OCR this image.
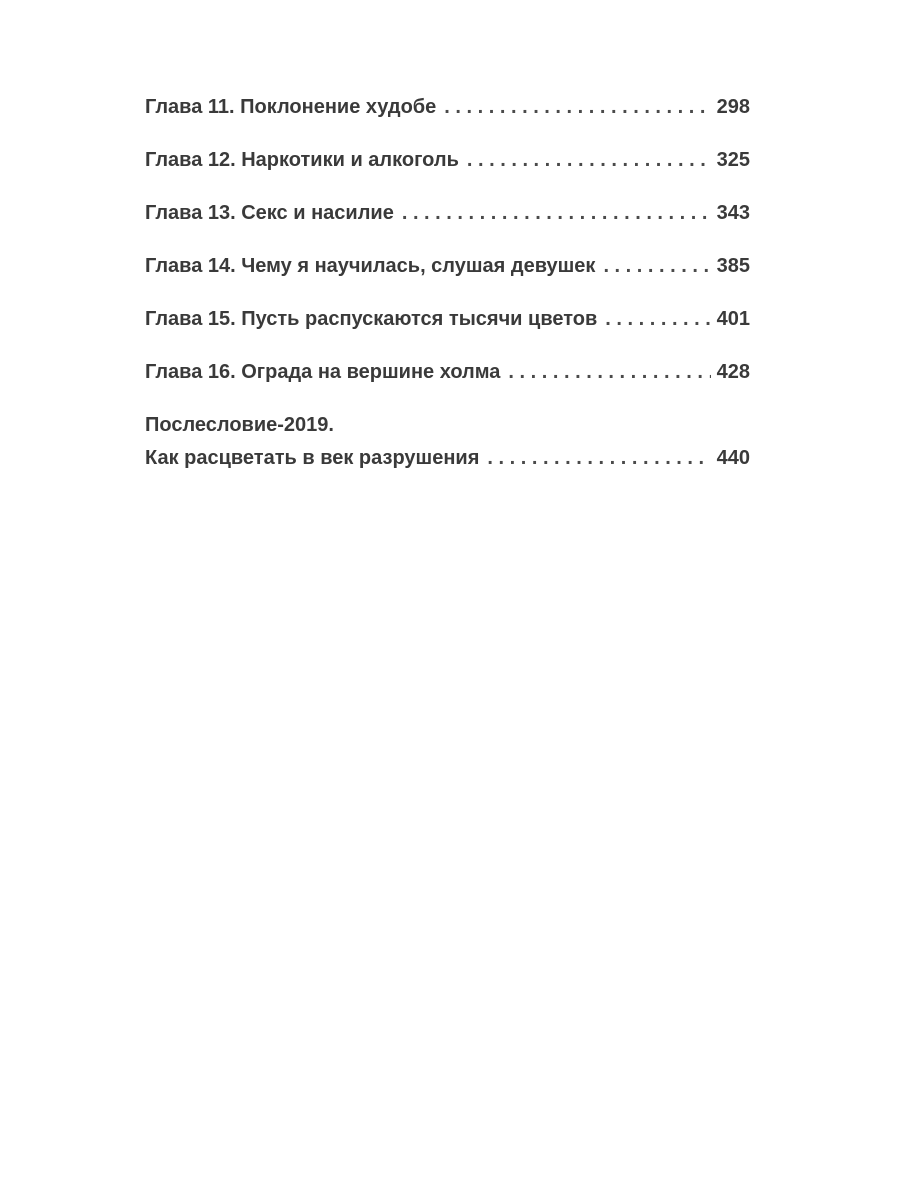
Глава 11. Поклонение худобе . . .	298
Глава 12. Наркотики и алкоголь . . .	325
Глава 13. Секс и насилие . . .	343
Глава 14. Чему я научилась, слушая девушек . . .	385
Глава 15. Пусть распускаются тысячи цветов . . .	401
Глава 16. Ограда на вершине холма . . .	428
Послесловие-2019.
Как расцветать в век разрушения . . .	440
